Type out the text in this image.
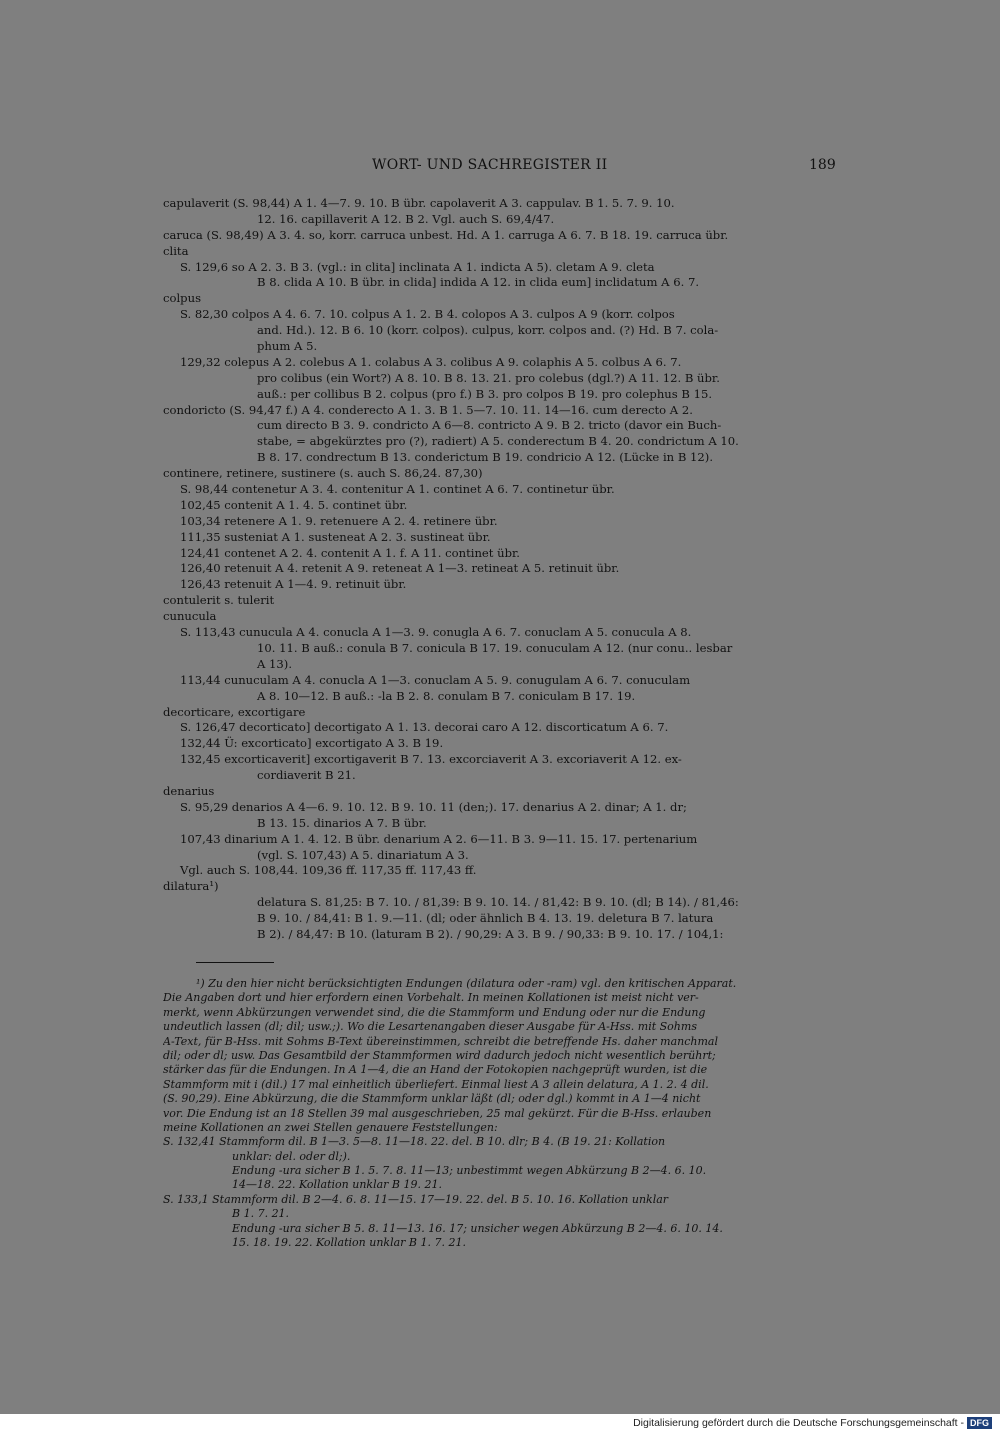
WORT- UND SACHREGISTER II	189
capulaverit (S. 98,44) A 1. 4—7. 9. 10. B übr. capolaverit A 3. cappulav. B 1. 5. 7. 9. 10.
12. 16. capillaverit A 12. B 2. Vgl. auch S. 69,4/47.
caruca (S. 98,49) A 3. 4. so, korr. carruca unbest. Hd. A 1. carruga A 6. 7. B 18. 19. carruca übr.
clita
S. 129,6 so A 2. 3. B 3. (vgl.: in clita] inclinata A 1. indicta A 5). cletam A 9. cleta
B 8. clida A 10. B übr. in clida] indida A 12. in clida eum] inclidatum A 6. 7.
colpus
S. 82,30 colpos A 4. 6. 7. 10. colpus A 1. 2. B 4. colopos A 3. culpos A 9 (korr. colpos
and. Hd.). 12. B 6. 10 (korr. colpos). culpus, korr. colpos and. (?) Hd. B 7. cola-
phum A 5.
129,32 colepus A 2. colebus A 1. colabus A 3. colibus A 9. colaphis A 5. colbus A 6. 7.
pro colibus (ein Wort?) A 8. 10. B 8. 13. 21. pro colebus (dgl.?) A 11. 12. B übr.
auß.: per collibus B 2. colpus (pro f.) B 3. pro colpos B 19. pro colephus B 15.
condoricto (S. 94,47 f.) A 4. conderecto A 1. 3. B 1. 5—7. 10. 11. 14—16. cum derecto A 2.
cum directo B 3. 9. condricto A 6—8. contricto A 9. B 2. tricto (davor ein Buch-
stabe, = abgekürztes pro (?), radiert) A 5. conderectum B 4. 20. condrictum A 10.
B 8. 17. condrectum B 13. conderictum B 19. condricio A 12. (Lücke in B 12).
continere, retinere, sustinere (s. auch S. 86,24. 87,30)
S. 98,44 contenetur A 3. 4. contenitur A 1. continet A 6. 7. continetur übr.
102,45 contenit A 1. 4. 5. continet übr.
103,34 retenere A 1. 9. retenuere A 2. 4. retinere übr.
111,35 susteniat A 1. susteneat A 2. 3. sustineat übr.
124,41 contenet A 2. 4. contenit A 1. f. A 11. continet übr.
126,40 retenuit A 4. retenit A 9. reteneat A 1—3. retineat A 5. retinuit übr.
126,43 retenuit A 1—4. 9. retinuit übr.
contulerit s. tulerit
cunucula
S. 113,43 cunucula A 4. conucla A 1—3. 9. conugla A 6. 7. conuclam A 5. conucula A 8.
10. 11. B auß.: conula B 7. conicula B 17. 19. conuculam A 12. (nur conu.. lesbar
A 13).
113,44 cunuculam A 4. conucla A 1—3. conuclam A 5. 9. conugulam A 6. 7. conuculam
A 8. 10—12. B auß.: -la B 2. 8. conulam B 7. coniculam B 17. 19.
decorticare, excortigare
S. 126,47 decorticato] decortigato A 1. 13. decorai caro A 12. discorticatum A 6. 7.
132,44 Ü: excorticato] excortigato A 3. B 19.
132,45 excorticaverit] excortigaverit B 7. 13. excorciaverit A 3. excoriaverit A 12. ex-
cordiaverit B 21.
denarius
S. 95,29 denarios A 4—6. 9. 10. 12. B 9. 10. 11 (den;). 17. denarius A 2. dinar; A 1. dr;
B 13. 15. dinarios A 7. B übr.
107,43 dinarium A 1. 4. 12. B übr. denarium A 2. 6—11. B 3. 9—11. 15. 17. pertenarium
(vgl. S. 107,43) A 5. dinariatum A 3.
Vgl. auch S. 108,44. 109,36 ff. 117,35 ff. 117,43 ff.
dilatura¹)
delatura S. 81,25: B 7. 10. / 81,39: B 9. 10. 14. / 81,42: B 9. 10. (dl; B 14). / 81,46:
B 9. 10. / 84,41: B 1. 9.—11. (dl; oder ähnlich B 4. 13. 19. deletura B 7. latura
B 2). / 84,47: B 10. (laturam B 2). / 90,29: A 3. B 9. / 90,33: B 9. 10. 17. / 104,1:
¹) Zu den hier nicht berücksichtigten Endungen (dilatura oder -ram) vgl. den kritischen Apparat.
Die Angaben dort und hier erfordern einen Vorbehalt. In meinen Kollationen ist meist nicht ver-
merkt, wenn Abkürzungen verwendet sind, die die Stammform und Endung oder nur die Endung
undeutlich lassen (dl; dil; usw.;). Wo die Lesartenangaben dieser Ausgabe für A-Hss. mit Sohms
A-Text, für B-Hss. mit Sohms B-Text übereinstimmen, schreibt die betreffende Hs. daher manchmal
dil; oder dl; usw. Das Gesamtbild der Stammformen wird dadurch jedoch nicht wesentlich berührt;
stärker das für die Endungen. In A 1—4, die an Hand der Fotokopien nachgeprüft wurden, ist die
Stammform mit i (dil.) 17 mal einheitlich überliefert. Einmal liest A 3 allein delatura, A 1. 2. 4 dil.
(S. 90,29). Eine Abkürzung, die die Stammform unklar läßt (dl; oder dgl.) kommt in A 1—4 nicht
vor. Die Endung ist an 18 Stellen 39 mal ausgeschrieben, 25 mal gekürzt. Für die B-Hss. erlauben
meine Kollationen an zwei Stellen genauere Feststellungen:
S. 132,41 Stammform dil. B 1—3. 5—8. 11—18. 22. del. B 10. dlr; B 4. (B 19. 21: Kollation
unklar: del. oder dl;).
Endung -ura sicher B 1. 5. 7. 8. 11—13; unbestimmt wegen Abkürzung B 2—4. 6. 10.
14—18. 22. Kollation unklar B 19. 21.
S. 133,1 Stammform dil. B 2—4. 6. 8. 11—15. 17—19. 22. del. B 5. 10. 16. Kollation unklar
B 1. 7. 21.
Endung -ura sicher B 5. 8. 11—13. 16. 17; unsicher wegen Abkürzung B 2—4. 6. 10. 14.
15. 18. 19. 22. Kollation unklar B 1. 7. 21.
Digitalisierung gefördert durch die Deutsche Forschungsgemeinschaft - DFG
